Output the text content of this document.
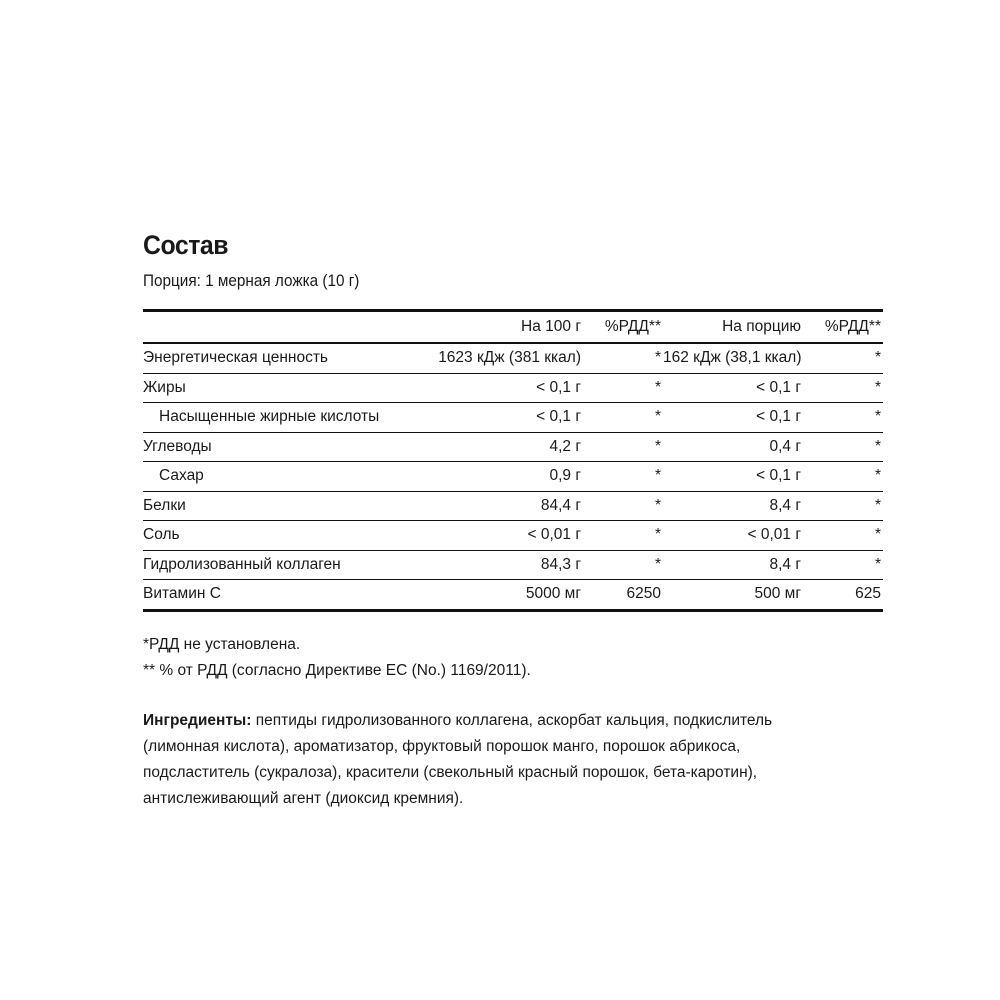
Состав
Порция: 1 мерная ложка (10 г)
	На 100 г	%РДД**	На порцию	%РДД**
Энергетическая ценность	1623 кДж (381 ккал)	*	162 кДж (38,1 ккал)	*
Жиры	< 0,1 г	*	< 0,1 г	*
Насыщенные жирные кислоты	< 0,1 г	*	< 0,1 г	*
Углеводы	4,2 г	*	0,4 г	*
Сахар	0,9 г	*	< 0,1 г	*
Белки	84,4 г	*	8,4 г	*
Соль	< 0,01 г	*	< 0,01 г	*
Гидролизованный коллаген	84,3 г	*	8,4 г	*
Витамин С	5000 мг	6250	500 мг	625
*РДД не установлена.
** % от РДД (согласно Директиве ЕС (No.) 1169/2011).
Ингредиенты: пептиды гидролизованного коллагена, аскорбат кальция, подкислитель (лимонная кислота), ароматизатор, фруктовый порошок манго, порошок абрикоса, подсластитель (сукралоза), красители (свекольный красный порошок, бета-каротин), антислеживающий агент (диоксид кремния).
